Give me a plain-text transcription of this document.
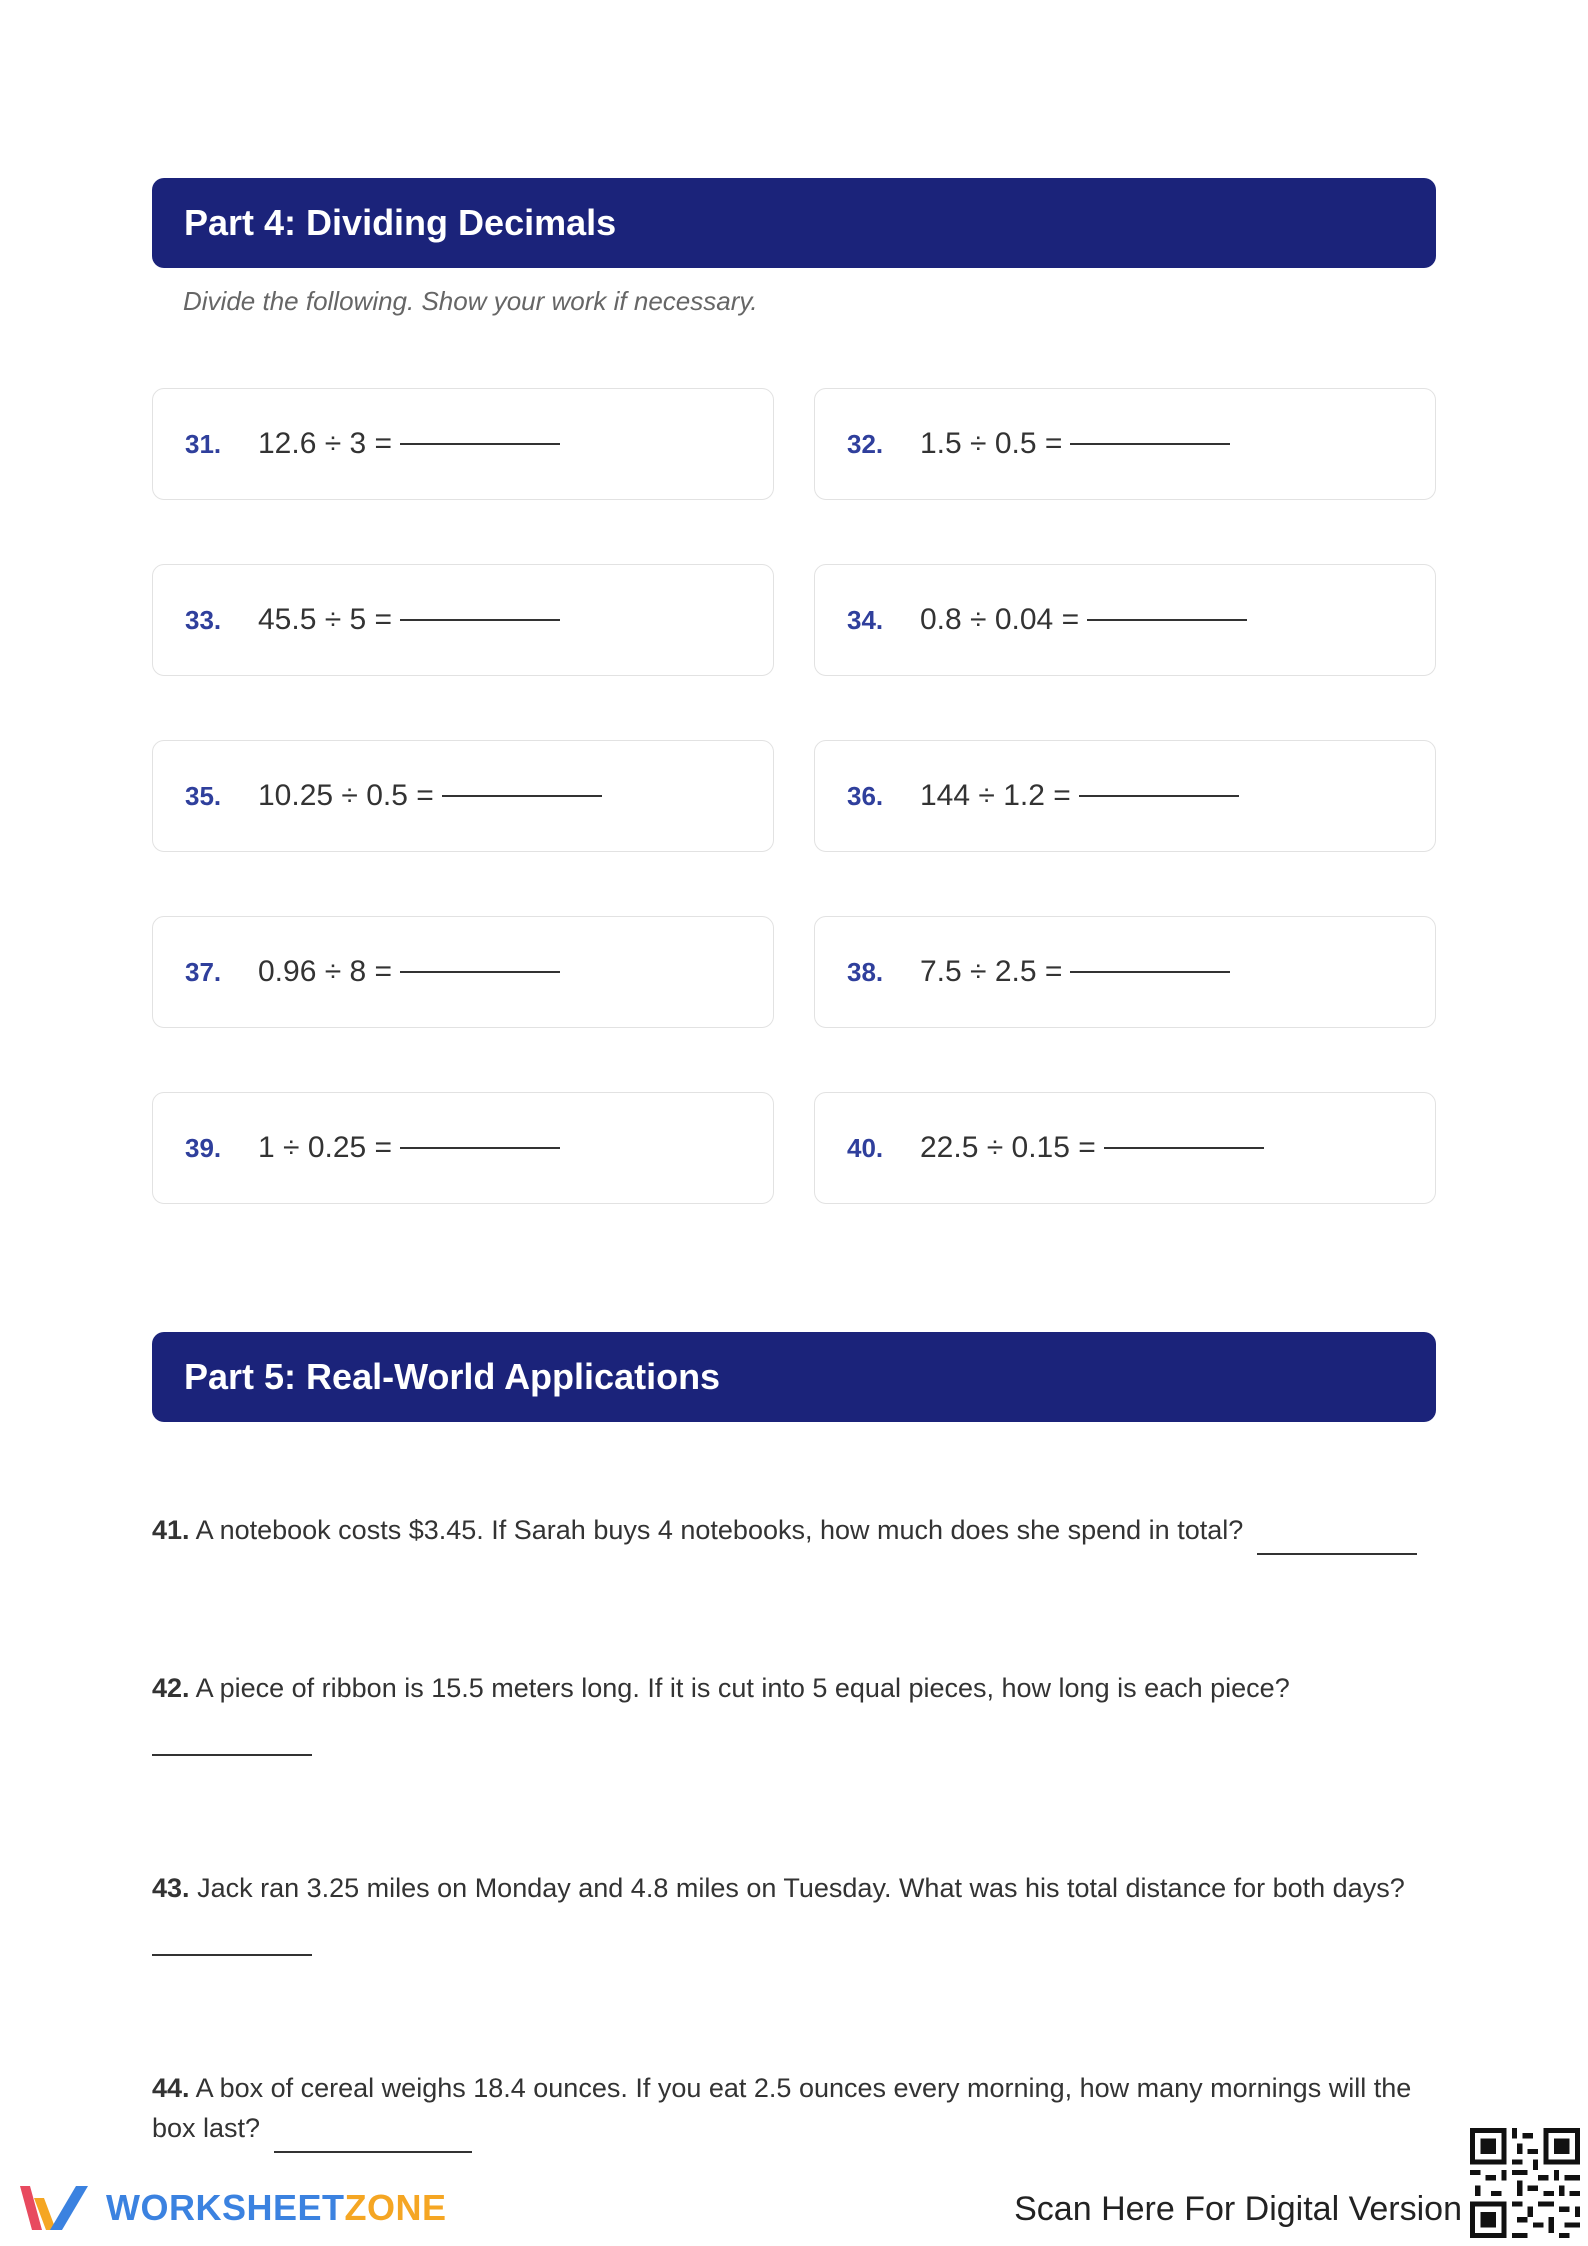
Part 4: Dividing Decimals
Divide the following. Show your work if necessary.
31.	12.6 ÷ 3 =	32.	1.5 ÷ 0.5 =
33.	45.5 ÷ 5 =	34.	0.8 ÷ 0.04 =
35.	10.25 ÷ 0.5 =	36.	144 ÷ 1.2 =
37.	0.96 ÷ 8 =	38.	7.5 ÷ 2.5 =
39.	1 ÷ 0.25 =	40.	22.5 ÷ 0.15 =
Part 5: Real-World Applications
41. A notebook costs $3.45. If Sarah buys 4 notebooks, how much does she spend in total?
42. A piece of ribbon is 15.5 meters long. If it is cut into 5 equal pieces, how long is each piece?
43. Jack ran 3.25 miles on Monday and 4.8 miles on Tuesday. What was his total distance for both days?
44. A box of cereal weighs 18.4 ounces. If you eat 2.5 ounces every morning, how many mornings will the box last?
WORKSHEETZONE	Scan Here For Digital Version
